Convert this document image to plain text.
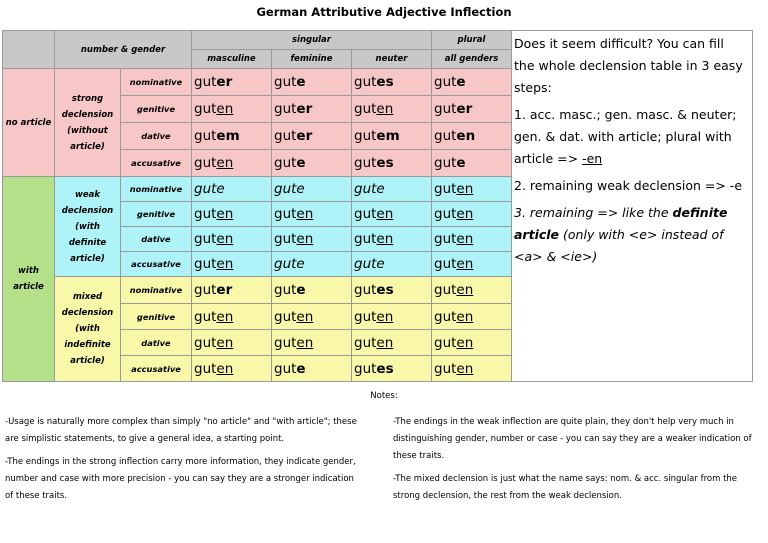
German Attributive Adjective Inflection
	number & gender		singular			plural	Does it seem difficult? You can fill the whole declension table in 3 easy steps:

1. acc. masc.; gen. masc. & neuter; gen. & dat. with article; plural with article => -en

2. remaining weak declension => -e

3. remaining => like the definite article (only with <e> instead of <a> & <ie>)

			masculine	feminine	neuter	all genders	
no article	strong declension (without article)	nominative	guter	gute	gutes	gute	
		genitive	guten	guter	guten	guter	
		dative	gutem	guter	gutem	guten	
		accusative	guten	gute	gutes	gute	
with article	weak declension (with definite article)	nominative	gute	gute	gute	guten	
		genitive	guten	guten	guten	guten	
		dative	guten	guten	guten	guten	
		accusative	guten	gute	gute	guten	
	mixed declension (with indefinite article)	nominative	guter	gute	gutes	guten	
		genitive	guten	guten	guten	guten	
		dative	guten	guten	guten	guten	
		accusative	guten	gute	gutes	guten	
Notes:

-Usage is naturally more complex than simply "no article" and "with article"; these are simplistic statements, to give a general idea, a starting point.

-The endings in the strong inflection carry more information, they indicate gender, number and case with more precision - you can say they are a stronger indication of these traits.

-The endings in the weak inflection are quite plain, they don't help very much in distinguishing gender, number or case - you can say they are a weaker indication of these traits.

-The mixed declension is just what the name says: nom. & acc. singular from the strong declension, the rest from the weak declension.
